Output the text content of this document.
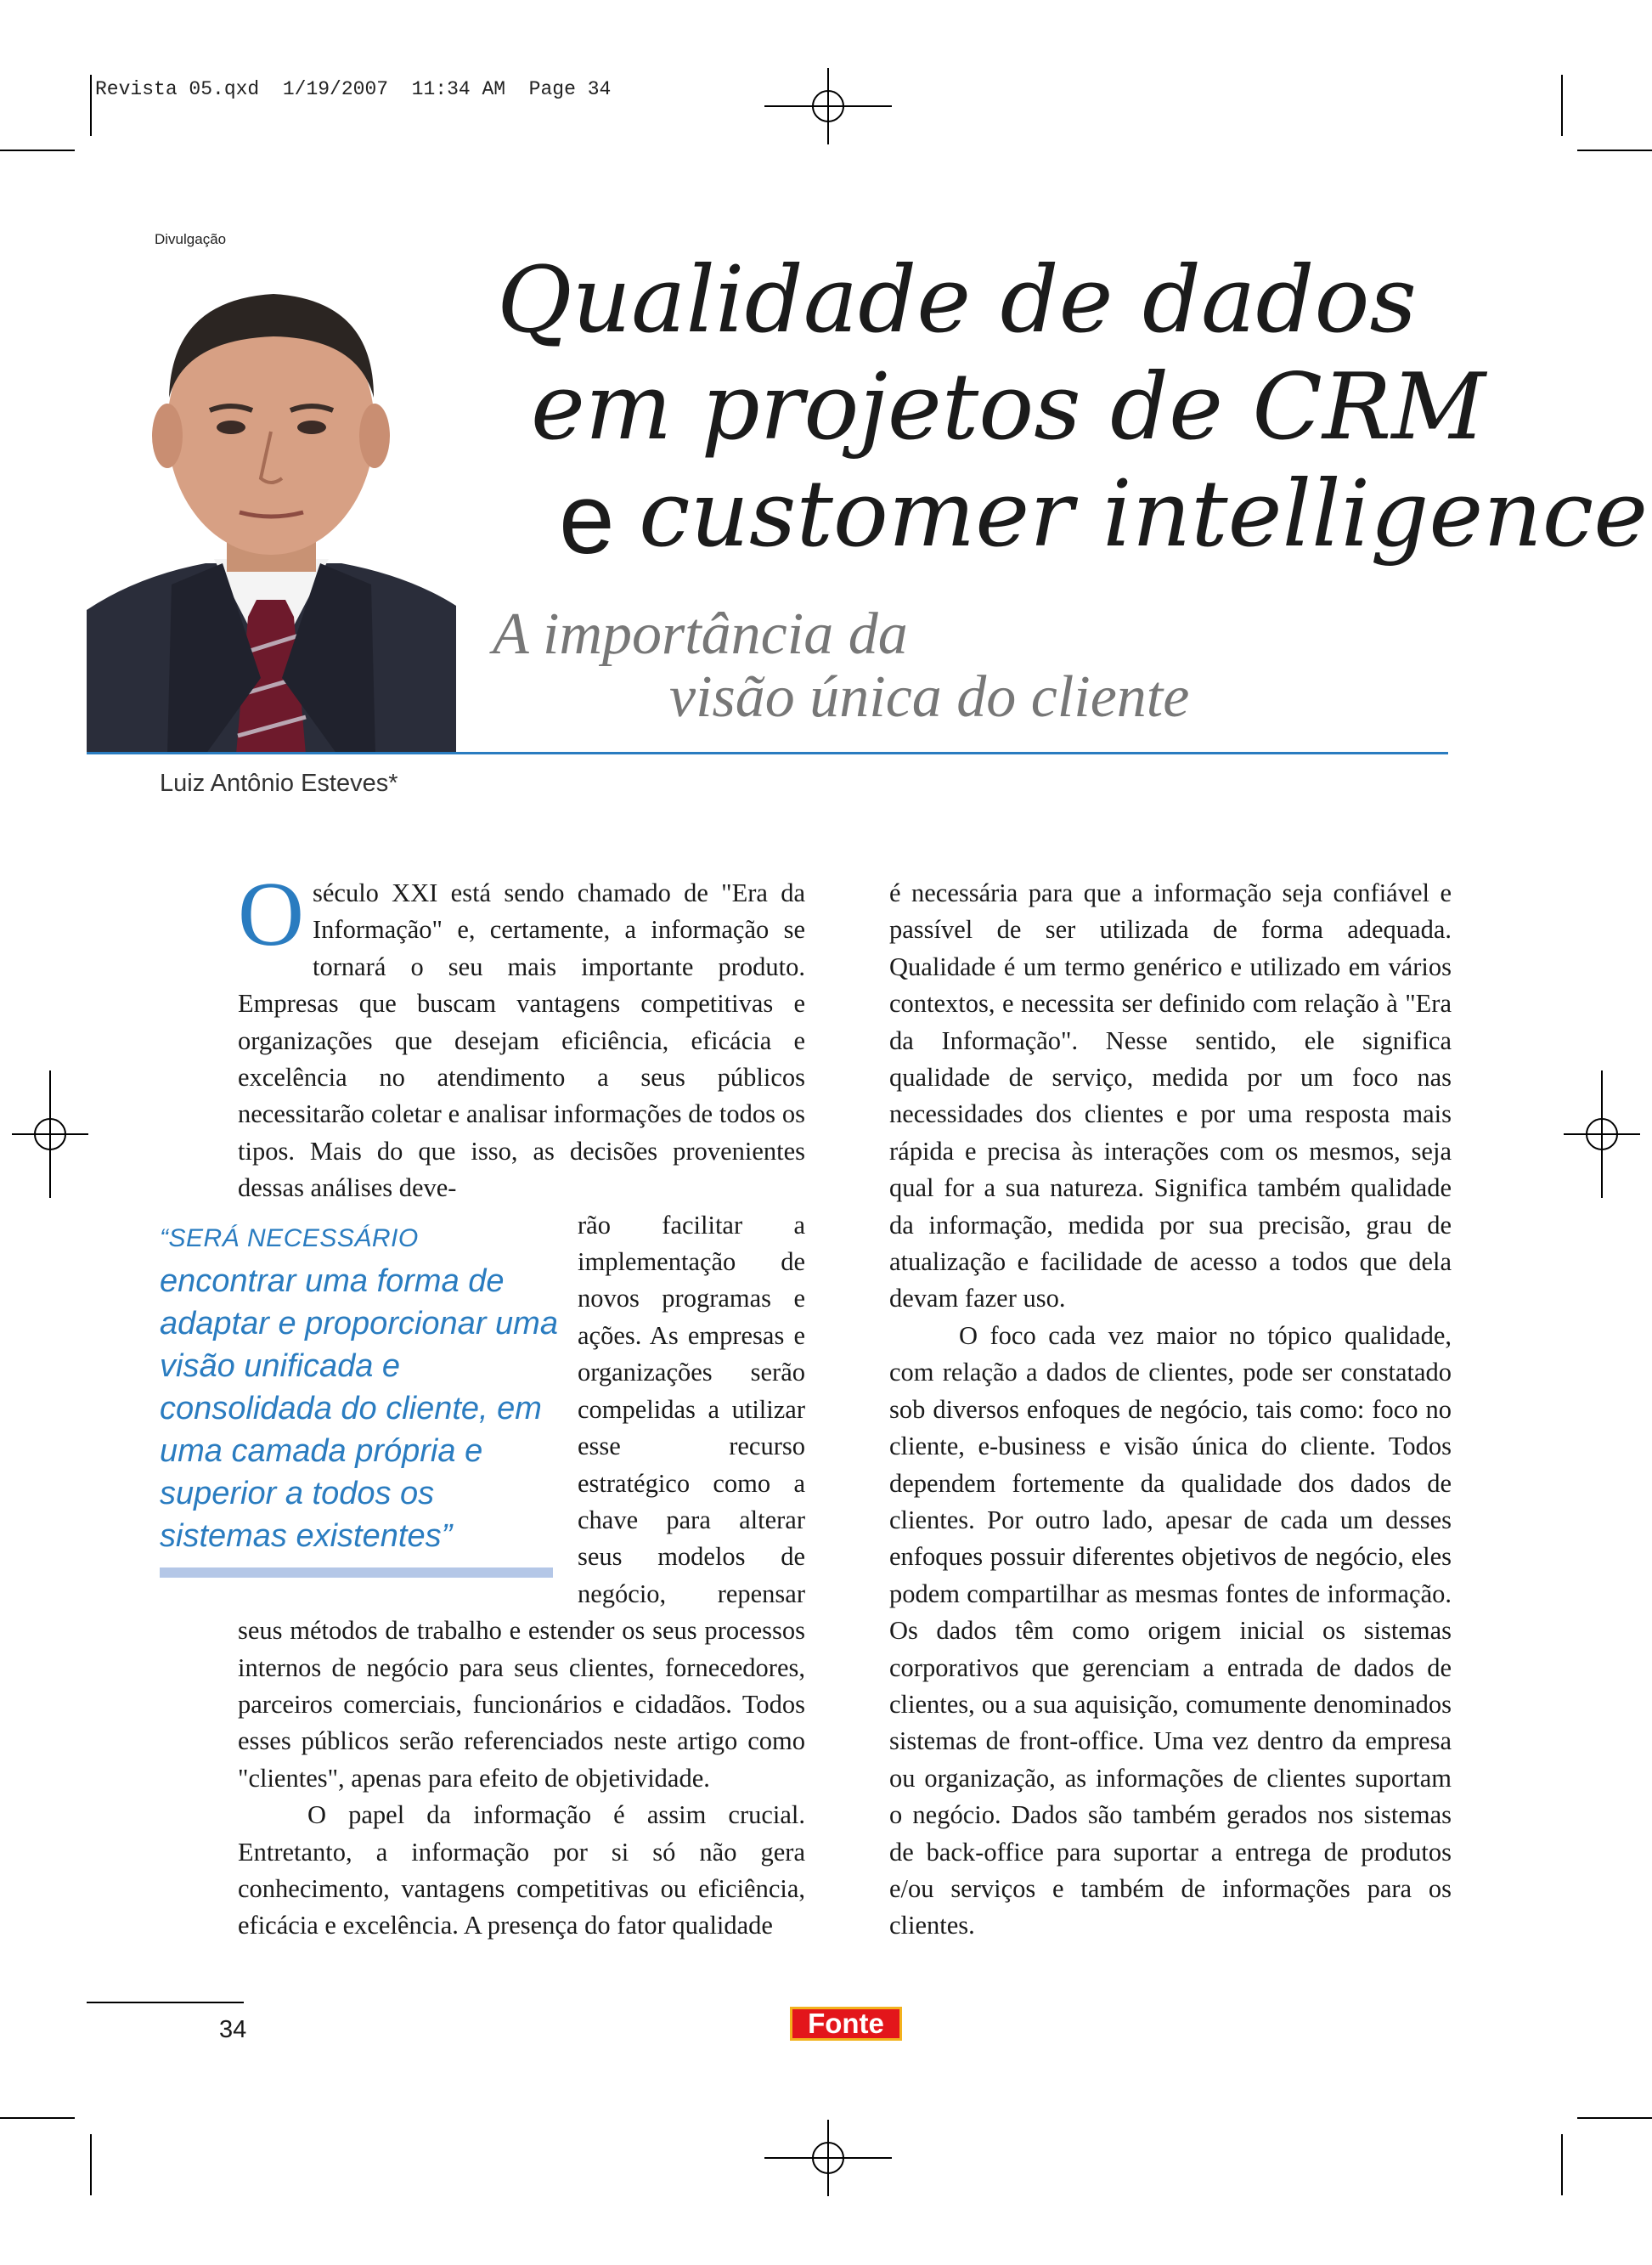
Revista 05.qxd  1/19/2007  11:34 AM  Page 34
Divulgação
Qualidade de dados
em projetos de CRM
e customer intelligence
A importância da
visão única do cliente
Luiz Antônio Esteves*

Oséculo XXI está sendo chamado de "Era da Informação" e, certamente, a informação se tornará o seu mais importante produto. Empresas que buscam vantagens competitivas e organizações que desejam eficiência, eficácia e excelência no atendimento a seus públicos necessitarão coletar e analisar informações de todos os tipos. Mais do que isso, as decisões provenientes dessas análises deve-

rão facilitar a implementação de novos programas e ações. As empresas e organizações serão compelidas a utilizar esse recurso estratégico como a chave para alterar seus modelos de negócio, repensar seus métodos de trabalho e estender os seus processos internos de negócio para seus clientes, fornecedores, parceiros comerciais, funcionários e cidadãos. Todos esses públicos serão referenciados neste artigo como "clientes", apenas para efeito de objetividade.

O papel da informação é assim crucial. Entretanto, a informação por si só não gera conhecimento, vantagens competitivas ou eficiência, eficácia e excelência. A presença do fator qualidade

“SERÁ NECESSÁRIO encontrar uma forma de adaptar e proporcionar uma visão unificada e consolidada do cliente, em uma camada própria e superior a todos os sistemas existentes”

é necessária para que a informação seja confiável e passível de ser utilizada de forma adequada. Qualidade é um termo genérico e utilizado em vários contextos, e necessita ser definido com relação à "Era da Informação". Nesse sentido, ele significa qualidade de serviço, medida por um foco nas necessidades dos clientes e por uma resposta mais rápida e precisa às interações com os mesmos, seja qual for a sua natureza. Significa também qualidade da informação, medida por sua precisão, grau de atualização e facilidade de acesso a todos que dela devam fazer uso.

O foco cada vez maior no tópico qualidade, com relação a dados de clientes, pode ser constatado sob diversos enfoques de negócio, tais como: foco no cliente, e-business e visão única do cliente. Todos dependem fortemente da qualidade dos dados de clientes. Por outro lado, apesar de cada um desses enfoques possuir diferentes objetivos de negócio, eles podem compartilhar as mesmas fontes de informação. Os dados têm como origem inicial os sistemas corporativos que gerenciam a entrada de dados de clientes, ou a sua aquisição, comumente denominados sistemas de front-office. Uma vez dentro da empresa ou organização, as informações de clientes suportam o negócio. Dados são também gerados nos sistemas de back-office para suportar a entrega de produtos e/ou serviços e também de informações para os clientes.

34	Fonte
